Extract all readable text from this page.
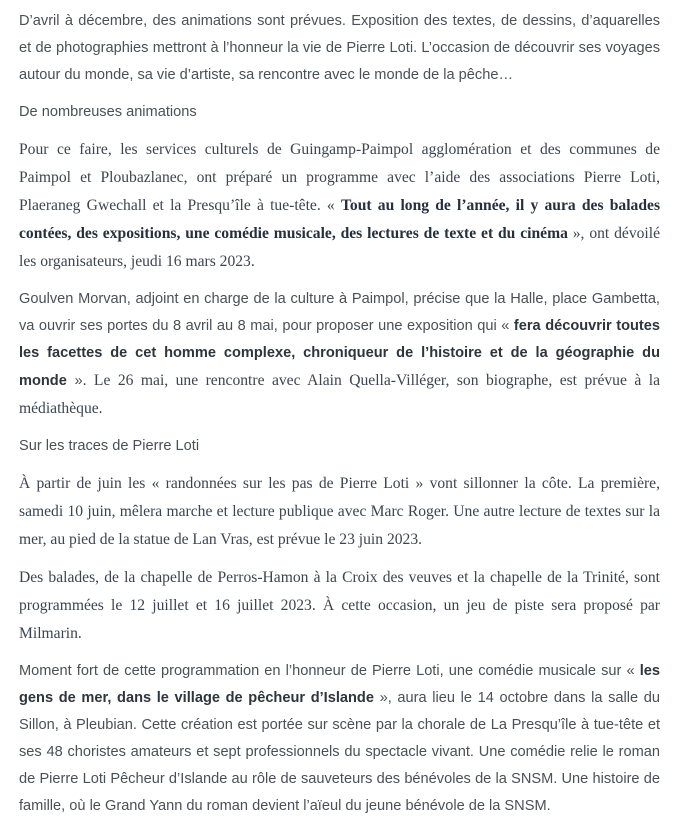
D’avril à décembre, des animations sont prévues. Exposition des textes, de dessins, d’aquarelles et de photographies mettront à l’honneur la vie de Pierre Loti. L’occasion de découvrir ses voyages autour du monde, sa vie d’artiste, sa rencontre avec le monde de la pêche…

De nombreuses animations

Pour ce faire, les services culturels de Guingamp-Paimpol agglomération et des communes de Paimpol et Ploubazlanec, ont préparé un programme avec l’aide des associations Pierre Loti, Plaeraneg Gwechall et la Presqu’île à tue-tête. « Tout au long de l’année, il y aura des balades contées, des expositions, une comédie musicale, des lectures de texte et du cinéma », ont dévoilé les organisateurs, jeudi 16 mars 2023.

Goulven Morvan, adjoint en charge de la culture à Paimpol, précise que la Halle, place Gambetta, va ouvrir ses portes du 8 avril au 8 mai, pour proposer une exposition qui « fera découvrir toutes les facettes de cet homme complexe, chroniqueur de l’histoire et de la géographie du monde ». Le 26 mai, une rencontre avec Alain Quella-Villéger, son biographe, est prévue à la médiathèque.

Sur les traces de Pierre Loti

À partir de juin les « randonnées sur les pas de Pierre Loti » vont sillonner la côte. La première, samedi 10 juin, mêlera marche et lecture publique avec Marc Roger. Une autre lecture de textes sur la mer, au pied de la statue de Lan Vras, est prévue le 23 juin 2023.

Des balades, de la chapelle de Perros-Hamon à la Croix des veuves et la chapelle de la Trinité, sont programmées le 12 juillet et 16 juillet 2023. À cette occasion, un jeu de piste sera proposé par Milmarin.

Moment fort de cette programmation en l’honneur de Pierre Loti, une comédie musicale sur « les gens de mer, dans le village de pêcheur d’Islande », aura lieu le 14 octobre dans la salle du Sillon, à Pleubian. Cette création est portée sur scène par la chorale de La Presqu’île à tue-tête et ses 48 choristes amateurs et sept professionnels du spectacle vivant. Une comédie relie le roman de Pierre Loti Pêcheur d’Islande au rôle de sauveteurs des bénévoles de la SNSM. Une histoire de famille, où le Grand Yann du roman devient l’aïeul du jeune bénévole de la SNSM.
